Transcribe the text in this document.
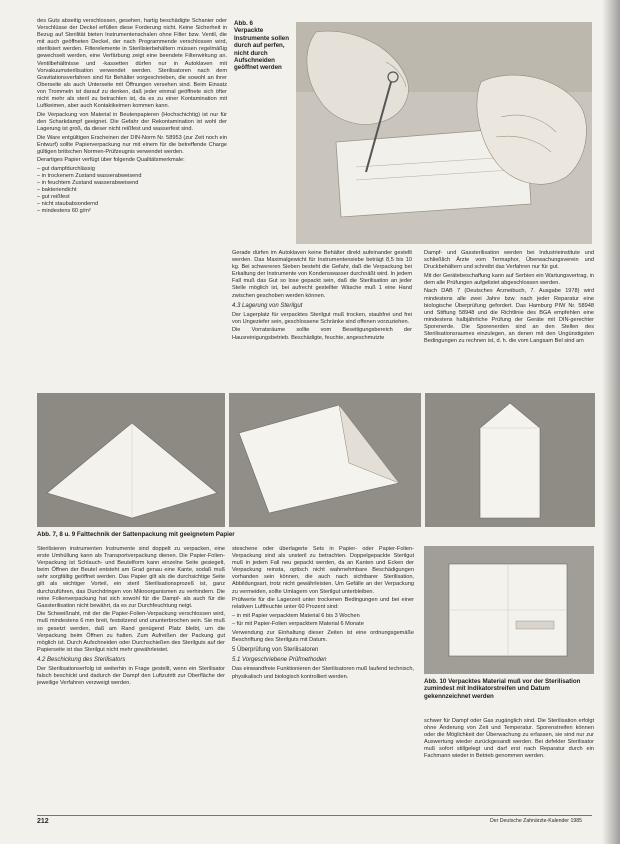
des Guts abseitig verschlossen, gesehen, hartig beschädigte Schanier oder Verschlüsse der Deckel erfüllen diese Forderung nicht. Keine Sicherheit in Bezug auf Sterilität bieten Instrumentenschalen ohne Filter bzw. Ventil, die mit auch geöffneten Deckel, der nach Programmende verschlossen wird, sterilisiert werden. Filterelemente in Sterilisierbehältern müssen regelmäßig gewechselt werden, eine Verfärbung zeigt eine beendete Filterwirkung an. Ventilbehältnisse und -kassetten dürfen nur in Autoklaven mit Vorvakuumsterilisation verwendet werden. Sterilisatoren nach dem Gravitationsverfahren sind für Behälter vorgeschrieben, die sowohl an ihrer Oberseite als auch Unterseite mit Öffnungen versehen sind. Beim Einsatz von Trommeln ist darauf zu denken, daß jeder einmal geöffnete sich öfter nicht mehr als steril zu betrachten ist, da es zu einer Kontamination mit Luftkeimen, aber auch Kontaktkeimen kommen kann.

Die Verpackung von Material in Beutenpapieren (Hochschichtig) ist nur für den Scharkdampf geeignet. Die Gefahr der Rekontamination ist wohl der Lagerung ist groß, da dieser nicht reißfest und wasserfest sind.

Die Ware entgültigen Erscheinen der DIN-Norm Nr. 58953 (zur Zeit noch ein Entwurf) sollte Papierverpackung nur mit einem für die betreffende Charge gültigen britischen Normen-Prüfzeugnis verwendet werden.

Derartiges Papier verfügt über folgende Qualitätsmerkmale:

– gut dampfdurchlässig
– in trockenem Zustand wasserabweisend
– in feuchtem Zustand wasserabweisend
– bakteriendicht
– gut reißfest
– nicht staubabsondernd
– mindestens 60 g/m²
Abb. 6
Verpackte Instrumente sollen durch auf perfen, nicht durch Aufschneiden geöffnet werden

Gerade dürfen im Autoklaven keine Behälter direkt aufeinander gestellt werden. Das Maximalgewicht für Instrumentensiebe beträgt 8,5 bis 10 kg. Bei schwereren Sieben besteht die Gefahr, daß die Verpackung bei Erkaltung der Instrumente von Kondenswasser durchnäßt wird. In jedem Fall muß das Gut so lose gepackt sein, daß die Sterilisation an jeder Stelle möglich ist, bei aufrecht gestellter Wäsche muß 1 eine Hand zwischen geschoben werden können.

4.3 Lagerung von Sterilgut

Der Lagerplatz für verpacktes Sterilgut muß trocken, staubfrei und frei von Ungeziefer sein, geschlossene Schränke sind offenen vorzuziehen.

Die Vorratsräume sollte vom Beseitigungsbereich der Hausreinigungsbetrieb. Beschädigte, feuchte, angeschmutzte

Dampf- und Gassterilisation werden bei Industrieinstitute und schließlich Ärzte vom Termaphor, Überwachungsverein und Druckbehältern und schreibt das Verfahren nur für gut.

Mit der Gerätebeschaffung kann auf Serbien ein Wartungsvertrag, in dem alle Prüfungen aufgelistet abgeschlossen werden.

Nach DAB 7 (Deutsches Arzneibuch, 7. Ausgabe 1978) wird mindestens alle zwei Jahre bzw. nach jeder Reparatur eine biologische Überprüfung gefordert. Das Hamburg PIW Nr. 58948 und Stiftung 58948 und die Richtlinie des BGA empfehlen eine mindestens halbjährliche Prüfung der Geräte mit DIN-gerechter Sporenerde. Die Sporenerden sind an den Stellen des Sterilisationsraumes einzulegen, an denen mit den Ungünstigsten Bedingungen zu rechnen ist, d. h. die vom Langsam Bel sind am

Abb. 7, 8 u. 9 Falttechnik der Sattenpackung mit geeignetem Papier

Sterilisieren instrumenten Instrumente sind doppelt zu verpacken, eine erste Umhüllung kann als Transportverpackung dienen. Die Papier-Folien-Verpackung ist Schlauch- und Beutelform kann einzelne Seite gesiegelt, beim Öffnen der Beutel entsteht am Grad genau eine Kante, sodaß muß sehr sorgfältig geöffnet werden. Das Papier gilt als die durchsichtige Seite gilt als wichtiger Vorteil, ein steril Sterilisationsprozeß ist, ganz durchzuführen, das Durchdringen von Mikroorganismen zu verhindern. Die reine Folienverpackung hat sich sowohl für die Dampf- als auch für die Gassterilisation nicht bewährt, da es zur Durchfeuchtung neigt.

Die Schweißnaht, mit der die Papier-Folien-Verpackung verschlossen wird, muß mindestens 6 mm breit, festsitzend und ununterbrochen sein. Sie muß so gesetzt werden, daß am Rand genügend Platz bleibt, um die Verpackung beim Öffnen zu halten. Zum Aufreißen der Packung gut möglich ist. Durch Aufschneiden oder Durchschießen des Sterilguts auf der Papierseite ist das Sterilgut nicht mehr gewährleistet.

4.2 Beschickung des Sterilisators

Der Sterilisationserfolg ist weiterhin in Frage gestellt, wenn ein Sterilisator falsch beschickt und dadurch der Dampf den Luftzutritt zur Oberfläche der jeweilige Verfahren verzweigt werden.

steschene oder überlagerte Sets in Papier- oder Papier-Folien-Verpackung sind als unsteril zu betrachten. Doppelgepackte Sterilgut muß in jedem Fall neu gepackt werden, da an Kanten und Ecken der Verpackung reinsta, optisch nicht wahrnehmbare Beschädigungen vorhanden sein können, die auch nach sichtbarer Sterilisation, Abbildungsart, trotz nicht gewährleisten. Um Gefälle an der Verpackung zu vermeiden, sollte Umlagern von Sterilgut unterbleiben.

Prüfwerte für die Lagerzeit unter trockenen Bedingungen und bei einer relativen Luftfeuchte unter 60 Prozent sind:

– in mit Papier verpacktem Material 6 bis 3 Wochen

– für mit Papier-Folien verpacktem Material 6 Monate

Verwendung zur Einhaltung dieser Zeiten ist eine ordnungsgemäße Beschriftung des Sterilguts mit Datum.

5 Überprüfung von Sterilisatoren
5.1 Vorgeschriebene Prüfmethoden

Das einwandfreie Funktionieren der Sterilisatoren muß laufend technisch, physikalisch und biologisch kontrolliert werden.

Abb. 10 Verpacktes Material muß vor der Sterilisation zumindest mit Indikatorstreifen und Datum gekennzeichnet werden

schwer für Dampf oder Gas zugänglich sind. Die Sterilisation erfolgt ohne Änderung von Zeit und Temperatur. Sporenstreifen können oder die Möglichkeit der Überwachung zu erfassen, sie sind nur zur Auswertung wieder zurückgesandt werden. Bei defekter Sterilisator muß sofort stillgelegt und darf erst nach Reparatur durch ein Fachmann wieder in Betrieb genommen werden.

212	Der Deutsche Zahnärzte-Kalender 1985
